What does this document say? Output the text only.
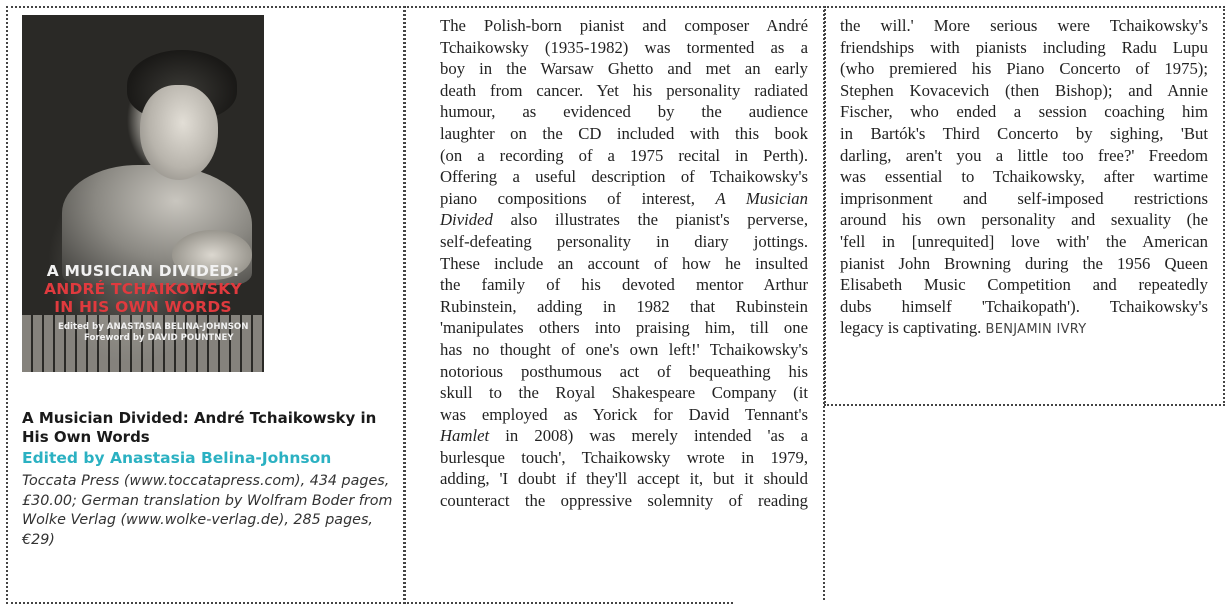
A MUSICIAN DIVIDED:
ANDRÉ TCHAIKOWSKY
IN HIS OWN WORDS
Edited by ANASTASIA BELINA-JOHNSON
Foreword by DAVID POUNTNEY

A Musician Divided: André Tchaikowsky in His Own Words

Edited by Anastasia Belina-Johnson

Toccata Press (www.toccatapress.com), 434 pages, £30.00; German translation by Wolfram Boder from Wolke Verlag (www.wolke-verlag.de), 285 pages, €29)

The Polish-born pianist and composer André
Tchaikowsky (1935-1982) was tormented as a
boy in the Warsaw Ghetto and met an early
death from cancer. Yet his personality radiated
humour, as evidenced by the audience
laughter on the CD included with this book
(on a recording of a 1975 recital in Perth).
Offering a useful description of Tchaikowsky's
piano compositions of interest, A Musician
Divided also illustrates the pianist's perverse,
self-defeating personality in diary jottings.
These include an account of how he insulted
the family of his devoted mentor Arthur
Rubinstein, adding in 1982 that Rubinstein
'manipulates others into praising him, till one
has no thought of one's own left!' Tchaikowsky's
notorious posthumous act of bequeathing his
skull to the Royal Shakespeare Company (it
was employed as Yorick for David Tennant's
Hamlet in 2008) was merely intended 'as a
burlesque touch', Tchaikowsky wrote in 1979,
adding, 'I doubt if they'll accept it, but it should
counteract the oppressive solemnity of reading
the will.' More serious were Tchaikowsky's
friendships with pianists including Radu Lupu
(who premiered his Piano Concerto of 1975);
Stephen Kovacevich (then Bishop); and Annie
Fischer, who ended a session coaching him
in Bartók's Third Concerto by sighing, 'But
darling, aren't you a little too free?' Freedom
was essential to Tchaikowsky, after wartime
imprisonment and self-imposed restrictions
around his own personality and sexuality (he
'fell in [unrequited] love with' the American
pianist John Browning during the 1956 Queen
Elisabeth Music Competition and repeatedly
dubs himself 'Tchaikopath'). Tchaikowsky's
legacy is captivating. BENJAMIN IVRY
